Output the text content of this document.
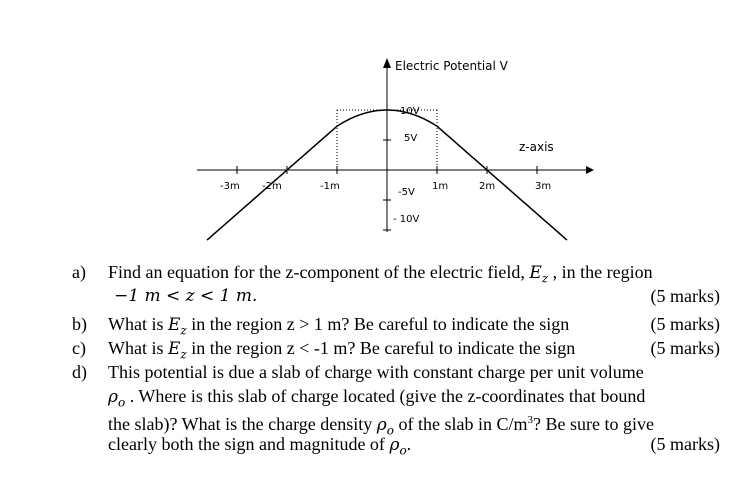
Electric Potential V
z-axis
-3m -2m	-1m	1m	2m	3m
10V
5V
-5V
- 10V
a)	Find an equation for the z-component of the electric field, $E_z$ , in the region
−1 m < z < 1 m.	(5 marks)
b)	What is $E_z$ in the region z > 1 m? Be careful to indicate the sign	(5 marks)
c)	What is $E_z$ in the region z < -1 m? Be careful to indicate the sign	(5 marks)
d)	This potential is due a slab of charge with constant charge per unit volume
$\rho_o$ . Where is this slab of charge located (give the z-coordinates that bound
the slab)? What is the charge density $\rho_o$ of the slab in $C/m^3$? Be sure to give
clearly both the sign and magnitude of $\rho_o$.	(5 marks)
